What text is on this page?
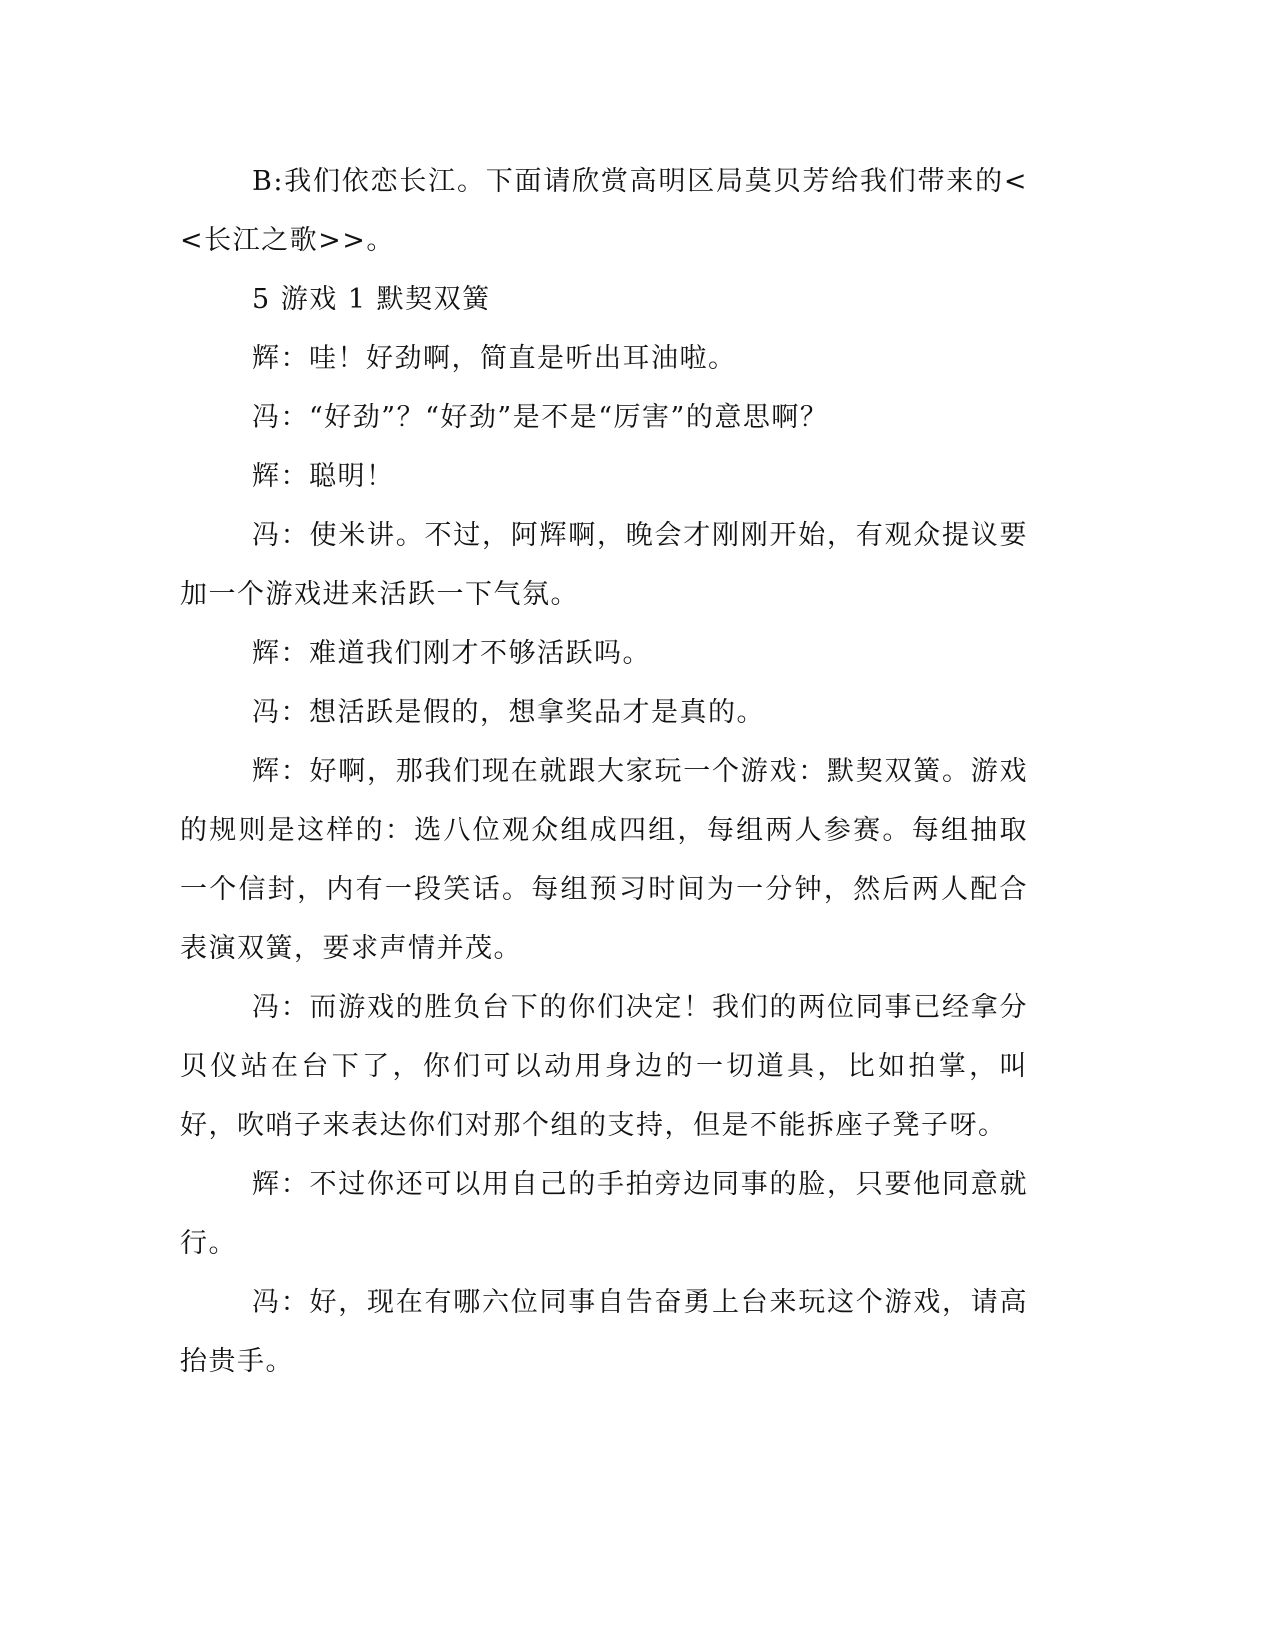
B:我们依恋长江。下面请欣赏高明区局莫贝芳给我们带来的<<长江之歌>>。

5 游戏 1 默契双簧

辉：哇！好劲啊，简直是听出耳油啦。

冯：“好劲”？“好劲”是不是“厉害”的意思啊？

辉：聪明！

冯：使米讲。不过，阿辉啊，晚会才刚刚开始，有观众提议要加一个游戏进来活跃一下气氛。

辉：难道我们刚才不够活跃吗。

冯：想活跃是假的，想拿奖品才是真的。

辉：好啊，那我们现在就跟大家玩一个游戏：默契双簧。游戏的规则是这样的：选八位观众组成四组，每组两人参赛。每组抽取一个信封，内有一段笑话。每组预习时间为一分钟，然后两人配合表演双簧，要求声情并茂。

冯：而游戏的胜负台下的你们决定！我们的两位同事已经拿分贝仪站在台下了，你们可以动用身边的一切道具，比如拍掌，叫好，吹哨子来表达你们对那个组的支持，但是不能拆座子凳子呀。

辉：不过你还可以用自己的手拍旁边同事的脸，只要他同意就行。

冯：好，现在有哪六位同事自告奋勇上台来玩这个游戏，请高抬贵手。
